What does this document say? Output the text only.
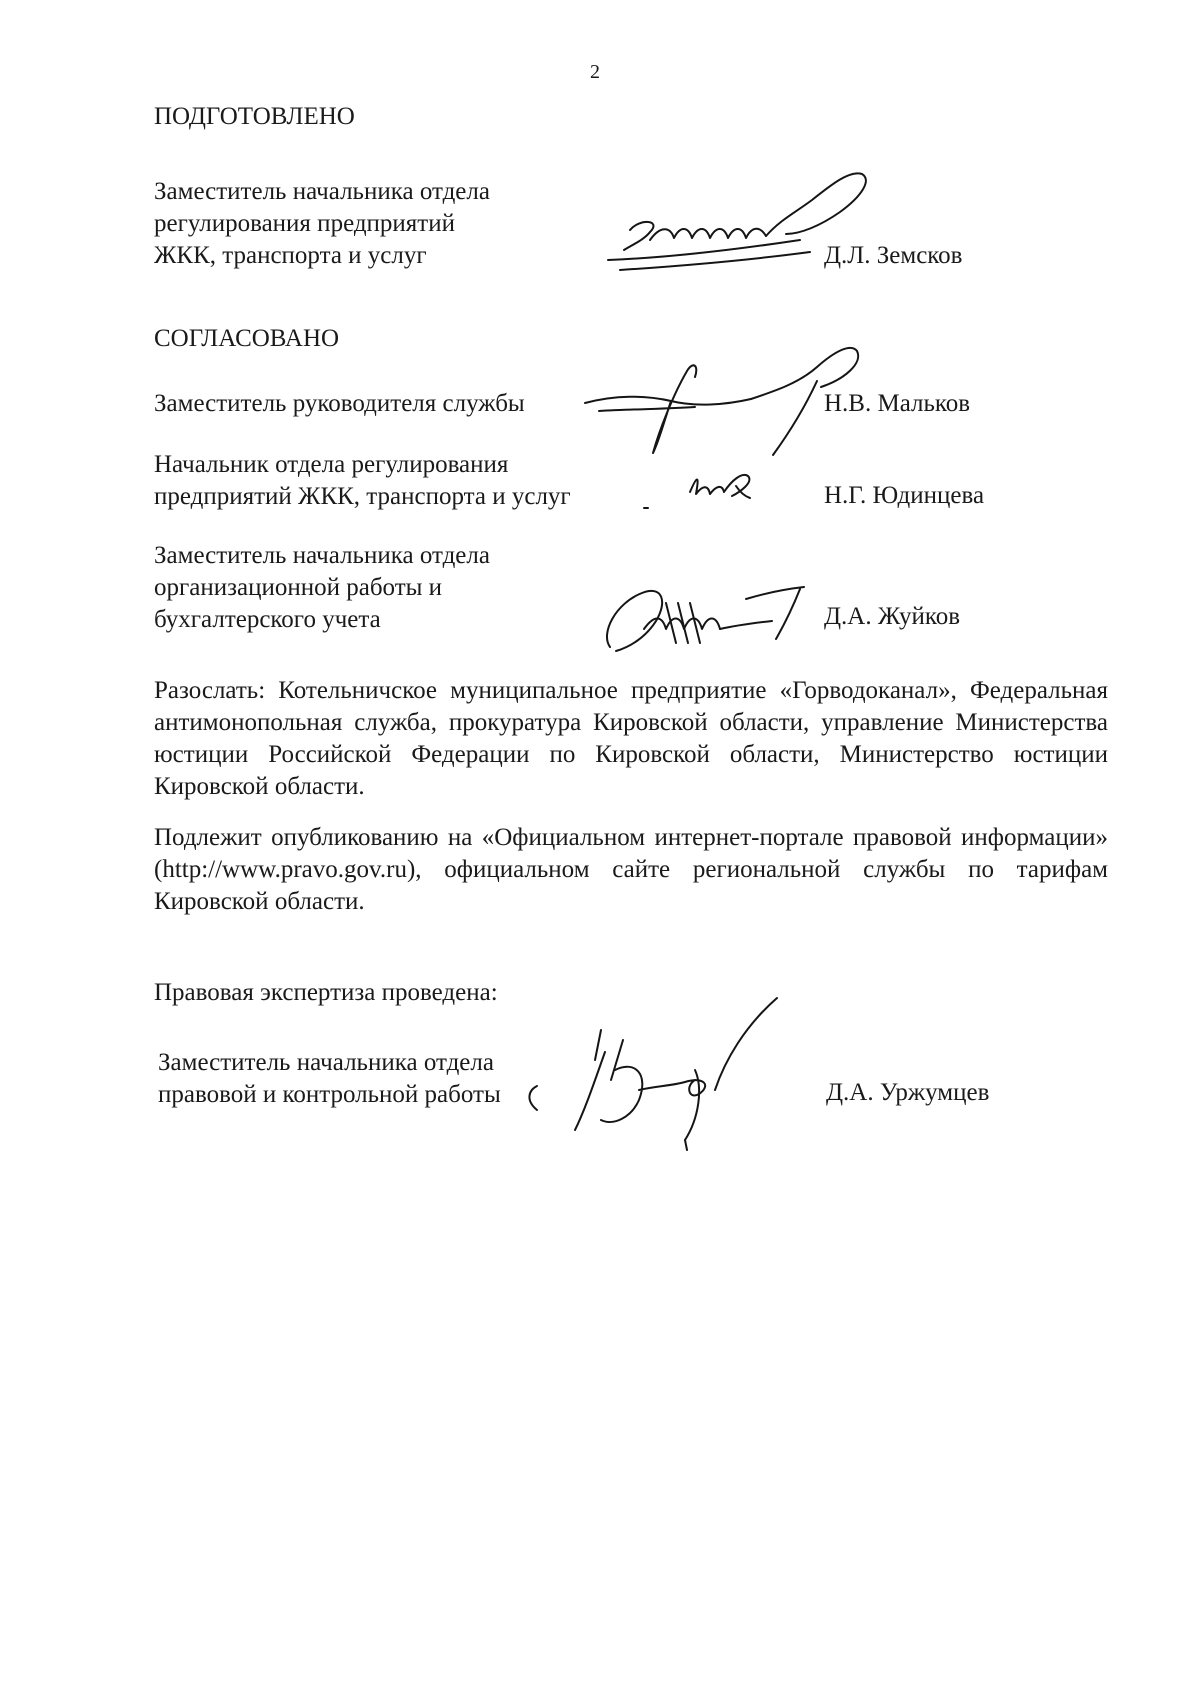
2
ПОДГОТОВЛЕНО
Заместитель начальника отдела
регулирования предприятий
ЖКК, транспорта и услуг	Д.Л. Земсков
СОГЛАСОВАНО
Заместитель руководителя службы	Н.В. Мальков
Начальник отдела регулирования
предприятий ЖКК, транспорта и услуг	Н.Г. Юдинцева
Заместитель начальника отдела
организационной работы и
бухгалтерского учета	Д.А. Жуйков
Разослать: Котельничское муниципальное предприятие «Горводоканал», Федеральная антимонопольная служба, прокуратура Кировской области, управление Министерства юстиции Российской Федерации по Кировской области, Министерство юстиции Кировской области.
Подлежит опубликованию на «Официальном интернет-портале правовой информации» (http://www.pravo.gov.ru), официальном сайте региональной службы по тарифам Кировской области.
Правовая экспертиза проведена:
Заместитель начальника отдела
правовой и контрольной работы	Д.А. Уржумцев
